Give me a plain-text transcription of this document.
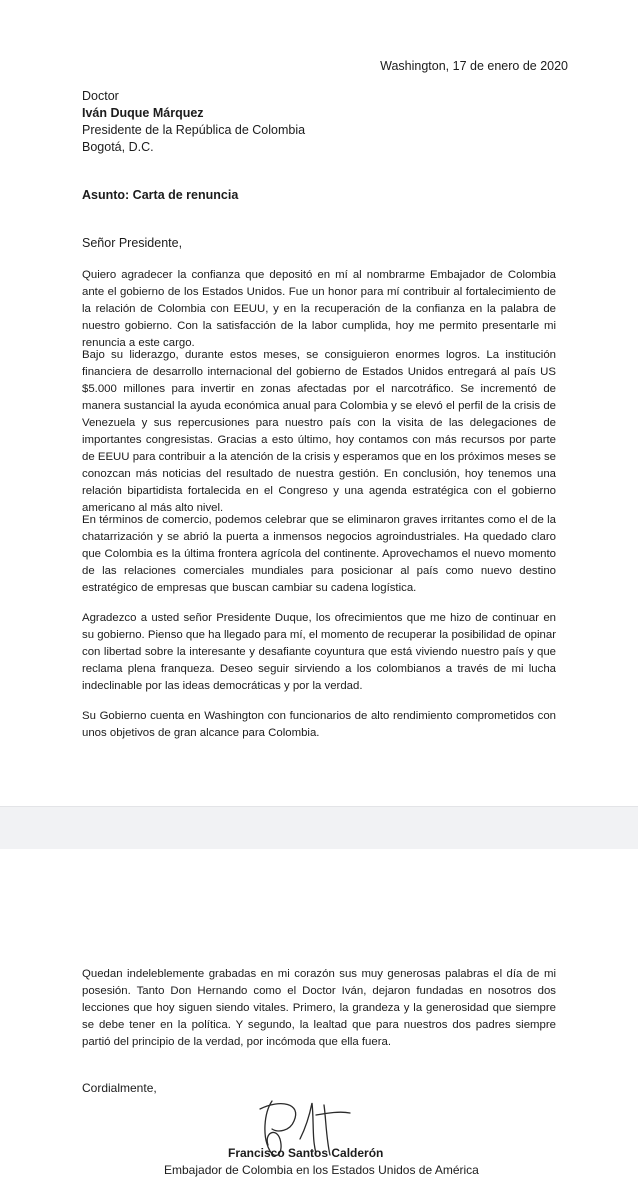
Washington, 17 de enero de 2020
Doctor
Iván Duque Márquez
Presidente de la República de Colombia
Bogotá, D.C.
Asunto: Carta de renuncia
Señor Presidente,

Quiero agradecer la confianza que depositó en mí al nombrarme Embajador de Colombia ante el gobierno de los Estados Unidos. Fue un honor para mí contribuir al fortalecimiento de la relación de Colombia con EEUU, y en la recuperación de la confianza en la palabra de nuestro gobierno. Con la satisfacción de la labor cumplida, hoy me permito presentarle mi renuncia a este cargo.

Bajo su liderazgo, durante estos meses, se consiguieron enormes logros. La institución financiera de desarrollo internacional del gobierno de Estados Unidos entregará al país US $5.000 millones para invertir en zonas afectadas por el narcotráfico. Se incrementó de manera sustancial la ayuda económica anual para Colombia y se elevó el perfil de la crisis de Venezuela y sus repercusiones para nuestro país con la visita de las delegaciones de importantes congresistas. Gracias a esto último, hoy contamos con más recursos por parte de EEUU para contribuir a la atención de la crisis y esperamos que en los próximos meses se conozcan más noticias del resultado de nuestra gestión. En conclusión, hoy tenemos una relación bipartidista fortalecida en el Congreso y una agenda estratégica con el gobierno americano al más alto nivel.

En términos de comercio, podemos celebrar que se eliminaron graves irritantes como el de la chatarrización y se abrió la puerta a inmensos negocios agroindustriales. Ha quedado claro que Colombia es la última frontera agrícola del continente. Aprovechamos el nuevo momento de las relaciones comerciales mundiales para posicionar al país como nuevo destino estratégico de empresas que buscan cambiar su cadena logística.

Agradezco a usted señor Presidente Duque, los ofrecimientos que me hizo de continuar en su gobierno. Pienso que ha llegado para mí, el momento de recuperar la posibilidad de opinar con libertad sobre la interesante y desafiante coyuntura que está viviendo nuestro país y que reclama plena franqueza. Deseo seguir sirviendo a los colombianos a través de mi lucha indeclinable por las ideas democráticas y por la verdad.

Su Gobierno cuenta en Washington con funcionarios de alto rendimiento comprometidos con unos objetivos de gran alcance para Colombia.

Quedan indeleblemente grabadas en mi corazón sus muy generosas palabras el día de mi posesión. Tanto Don Hernando como el Doctor Iván, dejaron fundadas en nosotros dos lecciones que hoy siguen siendo vitales. Primero, la grandeza y la generosidad que siempre se debe tener en la política. Y segundo, la lealtad que para nuestros dos padres siempre partió del principio de la verdad, por incómoda que ella fuera.

Cordialmente,
Francisco Santos Calderón
Embajador de Colombia en los Estados Unidos de América
